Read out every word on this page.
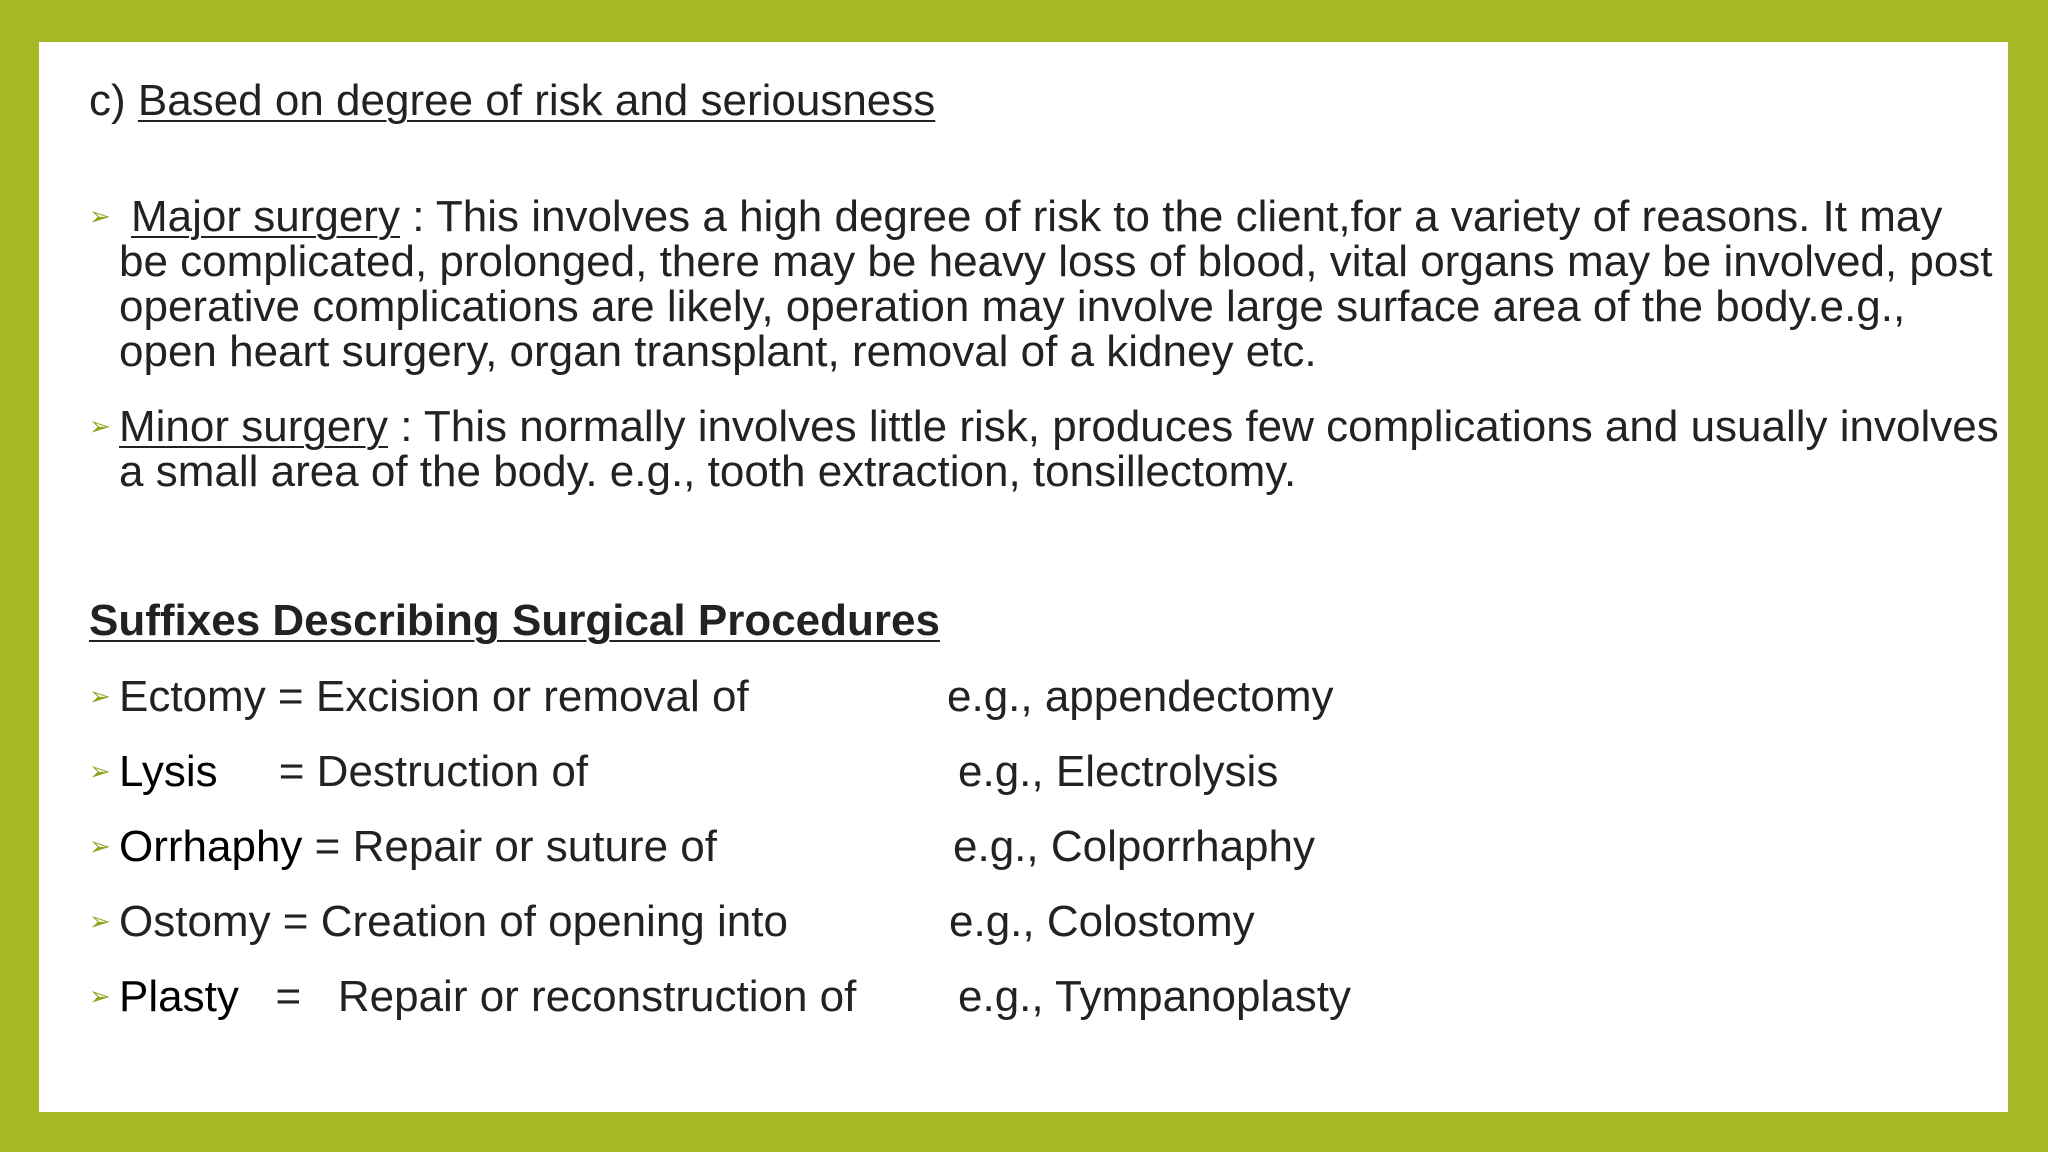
c) Based on degree of risk and seriousness
➢ Major surgery : This involves a high degree of risk to the client,for a variety of reasons. It may be complicated, prolonged, there may be heavy loss of blood, vital organs may be involved, post operative complications are likely, operation may involve large surface area of the body.e.g., open heart surgery, organ transplant, removal of a kidney etc.
➢ Minor surgery : This normally involves little risk, produces few complications and usually involves a small area of the body. e.g., tooth extraction, tonsillectomy.
Suffixes Describing Surgical Procedures
➢ Ectomy = Excision or removal of	e.g., appendectomy
➢ Lysis     = Destruction of	e.g., Electrolysis
➢ Orrhaphy = Repair or suture of	e.g., Colporrhaphy
➢ Ostomy = Creation of opening into	e.g., Colostomy
➢ Plasty   =   Repair or reconstruction of e.g., Tympanoplasty
